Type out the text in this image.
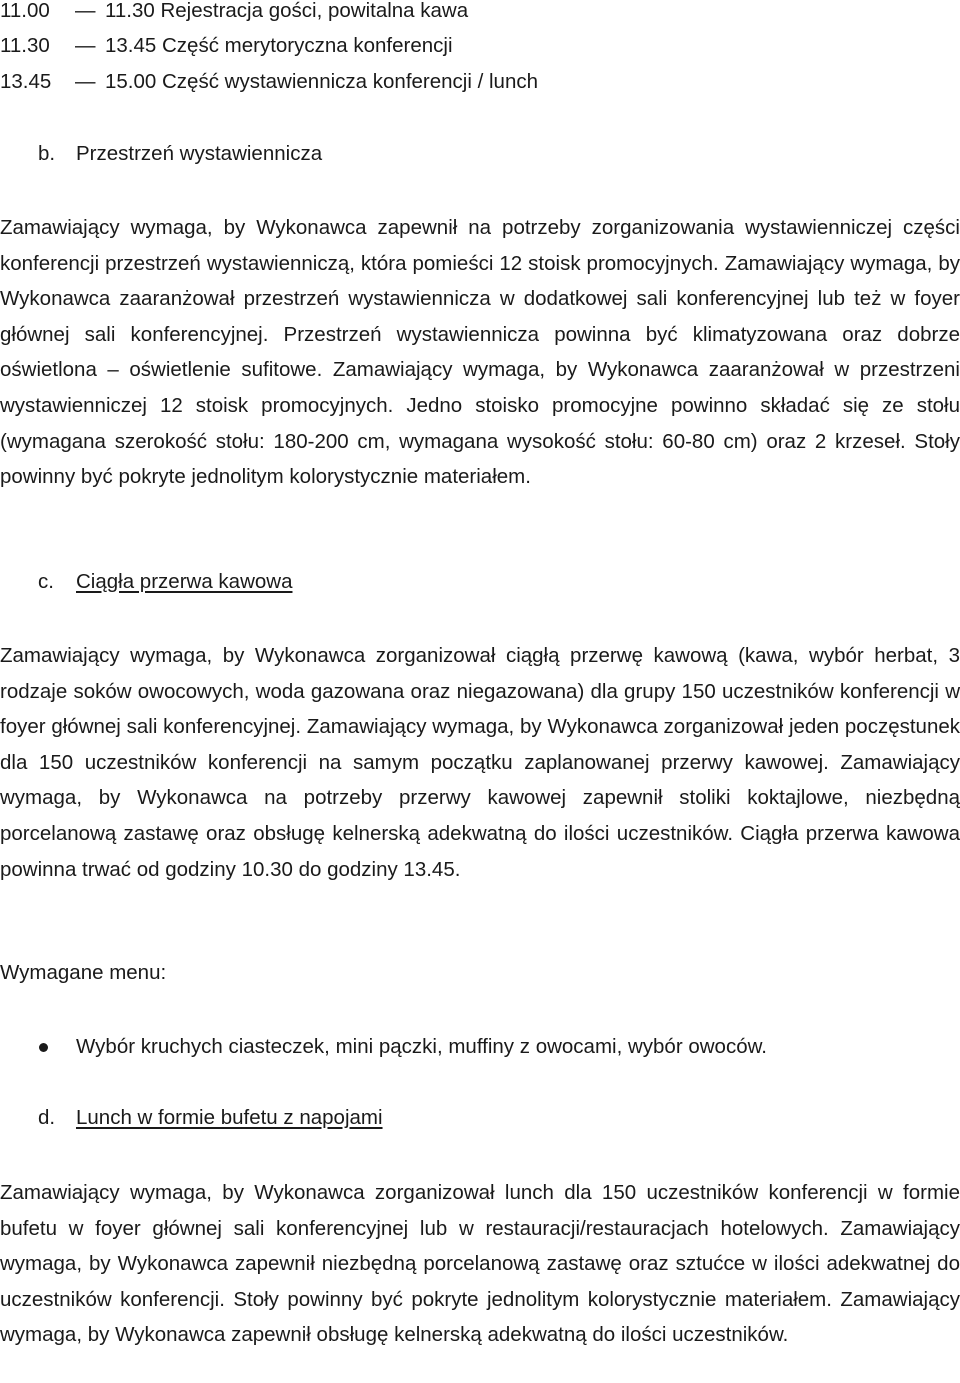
11.00	— 11.30 Rejestracja gości, powitalna kawa
11.30	— 13.45 Część merytoryczna konferencji
13.45	— 15.00 Część wystawiennicza konferencji / lunch
b. Przestrzeń wystawiennicza

Zamawiający wymaga, by Wykonawca zapewnił na potrzeby zorganizowania wystawienniczej części konferencji przestrzeń wystawienniczą, która pomieści 12 stoisk promocyjnych. Zamawiający wymaga, by Wykonawca zaaranżował przestrzeń wystawiennicza w dodatkowej sali konferencyjnej lub też w foyer głównej sali konferencyjnej. Przestrzeń wystawiennicza powinna być klimatyzowana oraz dobrze oświetlona – oświetlenie sufitowe. Zamawiający wymaga, by Wykonawca zaaranżował w przestrzeni wystawienniczej 12 stoisk promocyjnych. Jedno stoisko promocyjne powinno składać się ze stołu (wymagana szerokość stołu: 180-200 cm, wymagana wysokość stołu: 60-80 cm) oraz 2 krzeseł. Stoły powinny być pokryte jednolitym kolorystycznie materiałem.

c. Ciągła przerwa kawowa

Zamawiający wymaga, by Wykonawca zorganizował ciągłą przerwę kawową (kawa, wybór herbat, 3 rodzaje soków owocowych, woda gazowana oraz niegazowana) dla grupy 150 uczestników konferencji w foyer głównej sali konferencyjnej. Zamawiający wymaga, by Wykonawca zorganizował jeden poczęstunek dla 150 uczestników konferencji na samym początku zaplanowanej przerwy kawowej. Zamawiający wymaga, by Wykonawca na potrzeby przerwy kawowej zapewnił stoliki koktajlowe, niezbędną porcelanową zastawę oraz obsługę kelnerską adekwatną do ilości uczestników. Ciągła przerwa kawowa powinna trwać od godziny 10.30 do godziny 13.45.

Wymagane menu:
Wybór kruchych ciasteczek, mini pączki, muffiny z owocami, wybór owoców.
d. Lunch w formie bufetu z napojami

Zamawiający wymaga, by Wykonawca zorganizował lunch dla 150 uczestników konferencji w formie bufetu w foyer głównej sali konferencyjnej lub w restauracji/restauracjach hotelowych. Zamawiający wymaga, by Wykonawca zapewnił niezbędną porcelanową zastawę oraz sztućce w ilości adekwatnej do uczestników konferencji. Stoły powinny być pokryte jednolitym kolorystycznie materiałem. Zamawiający wymaga, by Wykonawca zapewnił obsługę kelnerską adekwatną do ilości uczestników.
